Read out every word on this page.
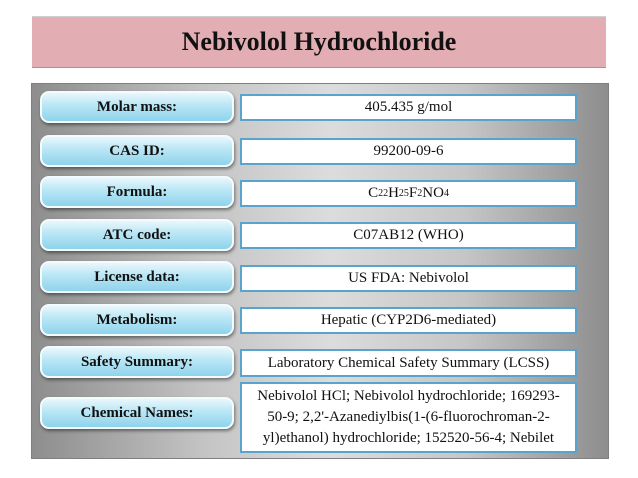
Nebivolol Hydrochloride
Molar mass:	405.435 g/mol
CAS ID:	99200-09-6
Formula:	C 22 H 25 F 2 NO 4
ATC code:	C07AB12 (WHO)
License data:	US FDA: Nebivolol
Metabolism:	Hepatic (CYP2D6-mediated)
Safety Summary:	Laboratory Chemical Safety Summary (LCSS)
Chemical Names:
Nebivolol HCl; Nebivolol hydrochloride; 169293-50-9; 2,2'-Azanediylbis(1-(6-fluorochroman-2-yl)ethanol) hydrochloride; 152520-56-4; Nebilet
